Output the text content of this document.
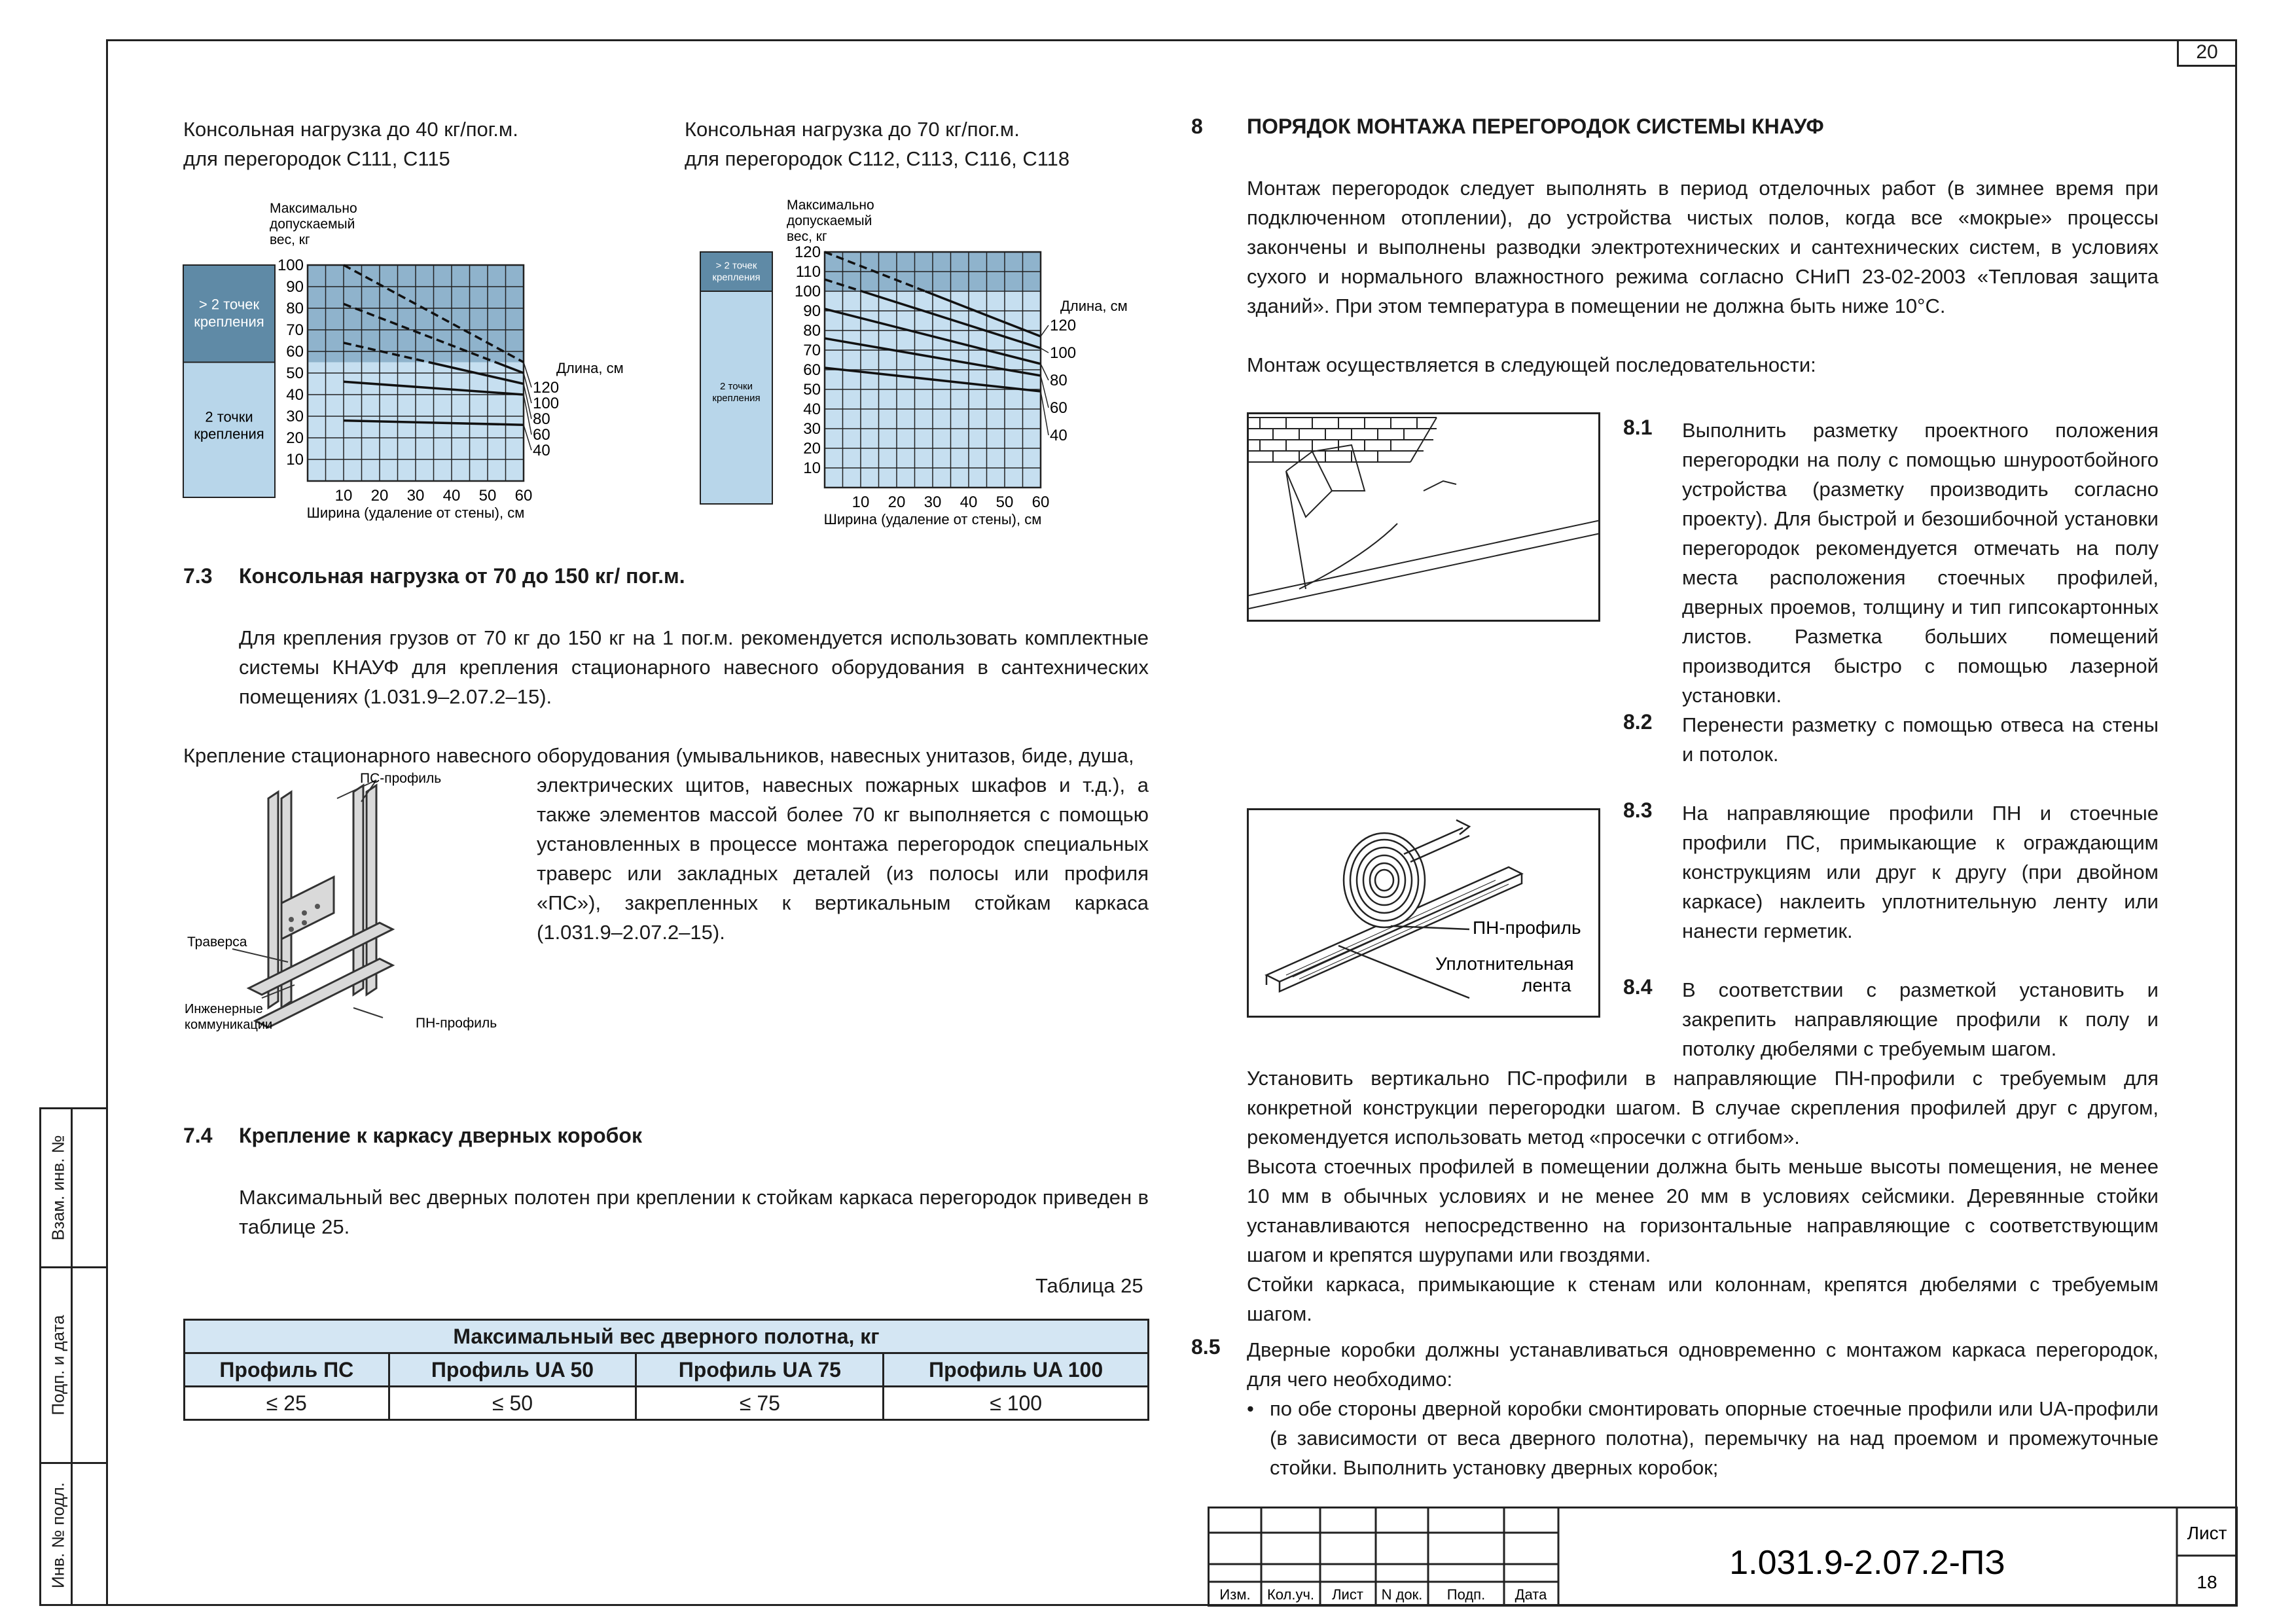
20
Консольная нагрузка до 40 кг/пог.м.
для перегородок С111, С115
Консольная нагрузка до 70 кг/пог.м.
для перегородок С112, С113, С116, С118
Максимально
допускаемый
вес, кг
> 2 точек
крепления
2 точки
крепления
10
20
30
40
50
60
70
80
90
100
10 20 30 40 50 60
Ширина (удаление от стены), см
Длина, см
120
100
80
60
40
Максимально
допускаемый
вес, кг
> 2 точек
крепления
2 точки
крепления
10
20
30
40
50
60
70
80
90
100
110
120
10 20 30 40 50 60
Ширина (удаление от стены), см
Длина, см
120
100
80
60
40
7.3 Консольная нагрузка от 70 до 150 кг/ пог.м.
Для крепления грузов от 70 кг до 150 кг на 1 пог.м. рекомендуется использовать комплектные системы КНАУФ для крепления стационарного навесного оборудования в сантехнических помещениях (1.031.9–2.07.2–15).
Крепление стационарного навесного оборудования (умывальников, навесных унитазов, биде, душа,
электрических щитов, навесных пожарных шкафов и т.д.), а также элементов массой более 70 кг выполняется с помощью установленных в процессе монтажа перегородок специальных траверс или закладных деталей (из полосы или профиля «ПС»), закрепленных к вертикальным стойкам каркаса (1.031.9–2.07.2–15).
ПС-профиль
Траверса
Инженерные
коммуникации	ПН-профиль
7.4 Крепление к каркасу дверных коробок
Максимальный вес дверных полотен при креплении к стойкам каркаса перегородок приведен в таблице 25.
Таблица 25
Максимальный вес дверного полотна, кг			
Профиль ПС	Профиль UA 50	Профиль UA 75	Профиль UA 100
≤ 25	≤ 50	≤ 75	≤ 100
8 ПОРЯДОК МОНТАЖА ПЕРЕГОРОДОК СИСТЕМЫ КНАУФ
Монтаж перегородок следует выполнять в период отделочных работ (в зимнее время при подключенном отоплении), до устройства чистых полов, когда все «мокрые» процессы закончены и выполнены разводки электротехнических и сантехнических систем, в условиях сухого и нормального влажностного режима согласно СНиП 23-02-2003 «Тепловая защита зданий». При этом температура в помещении не должна быть ниже 10°С.
Монтаж осуществляется в следующей последовательности:
8.1 Выполнить разметку проектного положения перегородки на полу с помощью шнуроотбойного устройства (разметку производить согласно проекту). Для быстрой и безошибочной установки перегородок рекомендуется отмечать на полу места расположения стоечных профилей, дверных проемов, толщину и тип гипсокартонных листов. Разметка больших помещений производится быстро с помощью лазерной установки.
8.2 Перенести разметку с помощью отвеса на стены и потолок.
ПН-профиль
Уплотнительная
лента
8.3 На направляющие профили ПН и стоечные профили ПС, примыкающие к ограждающим конструкциям или друг к другу (при двойном каркасе) наклеить уплотнительную ленту или нанести герметик.
8.4 В соответствии с разметкой установить и закрепить направляющие профили к полу и потолку дюбелями с требуемым шагом.
Установить вертикально ПС-профили в направляющие ПН-профили с требуемым для конкретной конструкции перегородки шагом. В случае скрепления профилей друг с другом, рекомендуется использовать метод «просечки с отгибом».
Высота стоечных профилей в помещении должна быть меньше высоты помещения, не менее 10 мм в обычных условиях и не менее 20 мм в условиях сейсмики. Деревянные стойки устанавливаются непосредственно на горизонтальные направляющие с соответствующим шагом и крепятся шурупами или гвоздями.
Стойки каркаса, примыкающие к стенам или колоннам, крепятся дюбелями с требуемым шагом.
8.5 Дверные коробки должны устанавливаться одновременно с монтажом каркаса перегородок, для чего необходимо:
• по обе стороны дверной коробки смонтировать опорные стоечные профили или UA-профили (в зависимости от веса дверного полотна), перемычку на над проемом и промежуточные стойки. Выполнить установку дверных коробок;
Взам. инв. №
Подп. и дата
Инв. № подл.
Изм. Кол.уч. Лист N док. Подп. Дата
1.031.9-2.07.2-ПЗ
Лист
18
